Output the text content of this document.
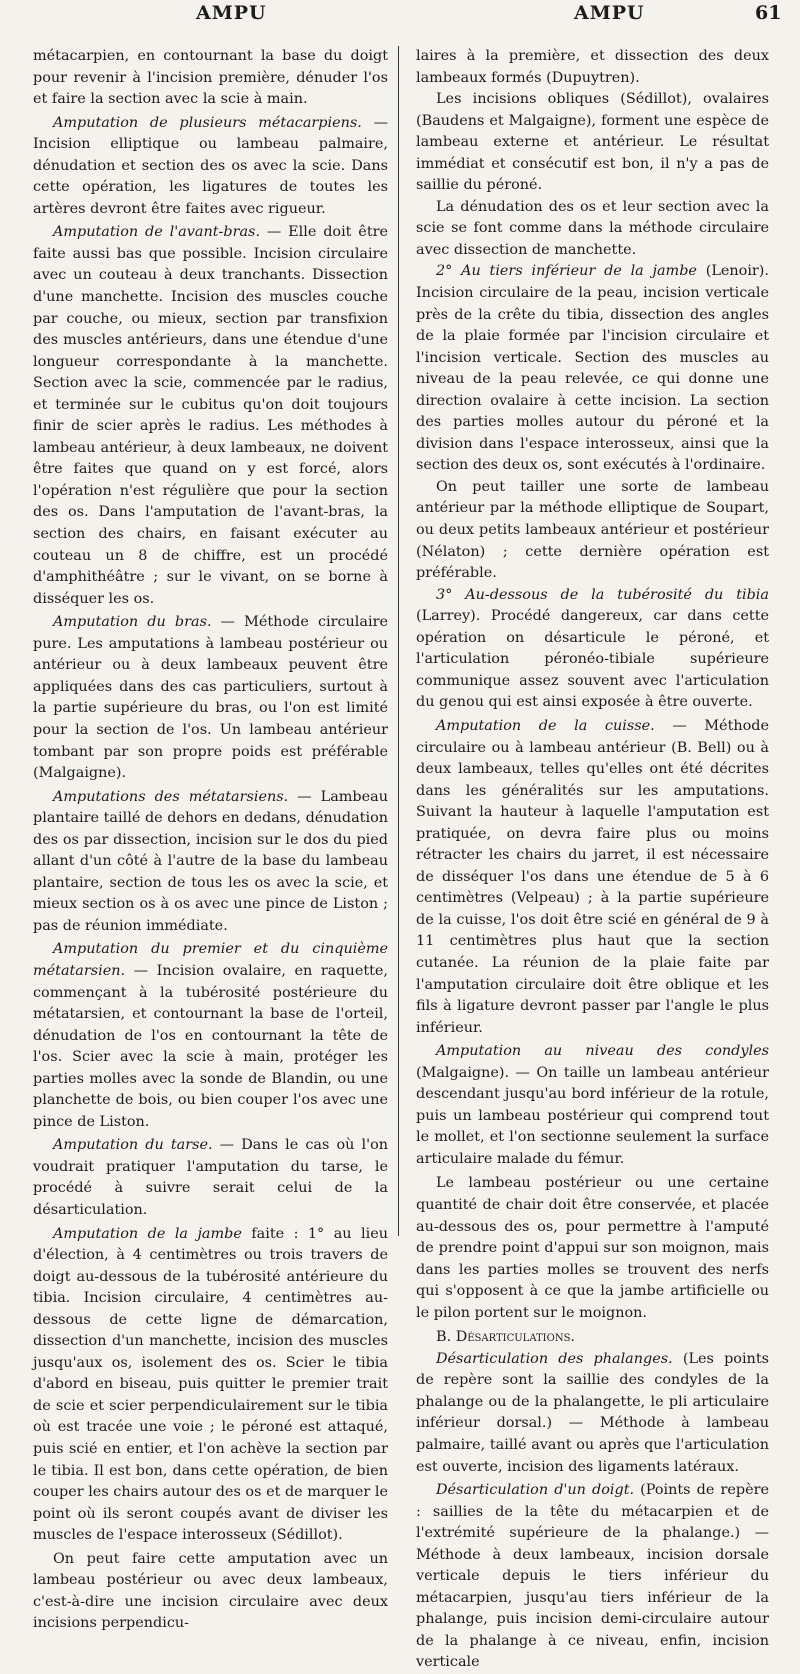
AMPU	AMPU	61

métacarpien, en contournant la base du doigt pour revenir à l'incision première, dénuder l'os et faire la section avec la scie à main.

Amputation de plusieurs métacarpiens. — Incision elliptique ou lambeau palmaire, dénudation et section des os avec la scie. Dans cette opération, les ligatures de toutes les artères devront être faites avec rigueur.

Amputation de l'avant-bras. — Elle doit être faite aussi bas que possible. Incision circulaire avec un couteau à deux tranchants. Dissection d'une manchette. Incision des muscles couche par couche, ou mieux, section par transfixion des muscles antérieurs, dans une étendue d'une longueur correspondante à la manchette. Section avec la scie, commencée par le radius, et terminée sur le cubitus qu'on doit toujours finir de scier après le radius. Les méthodes à lambeau antérieur, à deux lambeaux, ne doivent être faites que quand on y est forcé, alors l'opération n'est régulière que pour la section des os. Dans l'amputation de l'avant-bras, la section des chairs, en faisant exécuter au couteau un 8 de chiffre, est un procédé d'amphithéâtre ; sur le vivant, on se borne à disséquer les os.

Amputation du bras. — Méthode circulaire pure. Les amputations à lambeau postérieur ou antérieur ou à deux lambeaux peuvent être appliquées dans des cas particuliers, surtout à la partie supérieure du bras, ou l'on est limité pour la section de l'os. Un lambeau antérieur tombant par son propre poids est préférable (Malgaigne).

Amputations des métatarsiens. — Lambeau plantaire taillé de dehors en dedans, dénudation des os par dissection, incision sur le dos du pied allant d'un côté à l'autre de la base du lambeau plantaire, section de tous les os avec la scie, et mieux section os à os avec une pince de Liston ; pas de réunion immédiate.

Amputation du premier et du cinquième métatarsien. — Incision ovalaire, en raquette, commençant à la tubérosité postérieure du métatarsien, et contournant la base de l'orteil, dénudation de l'os en contournant la tête de l'os. Scier avec la scie à main, protéger les parties molles avec la sonde de Blandin, ou une planchette de bois, ou bien couper l'os avec une pince de Liston.

Amputation du tarse. — Dans le cas où l'on voudrait pratiquer l'amputation du tarse, le procédé à suivre serait celui de la désarticulation.

Amputation de la jambe faite : 1° au lieu d'élection, à 4 centimètres ou trois travers de doigt au-dessous de la tubérosité antérieure du tibia. Incision circulaire, 4 centimètres au-dessous de cette ligne de démarcation, dissection d'un manchette, incision des muscles jusqu'aux os, isolement des os. Scier le tibia d'abord en biseau, puis quitter le premier trait de scie et scier perpendiculairement sur le tibia où est tracée une voie ; le péroné est attaqué, puis scié en entier, et l'on achève la section par le tibia. Il est bon, dans cette opération, de bien couper les chairs autour des os et de marquer le point où ils seront coupés avant de diviser les muscles de l'espace interosseux (Sédillot).

On peut faire cette amputation avec un lambeau postérieur ou avec deux lambeaux, c'est-à-dire une incision circulaire avec deux incisions perpendicu-

laires à la première, et dissection des deux lambeaux formés (Dupuytren).

Les incisions obliques (Sédillot), ovalaires (Baudens et Malgaigne), forment une espèce de lambeau externe et antérieur. Le résultat immédiat et consécutif est bon, il n'y a pas de saillie du péroné.

La dénudation des os et leur section avec la scie se font comme dans la méthode circulaire avec dissection de manchette.

2° Au tiers inférieur de la jambe (Lenoir). Incision circulaire de la peau, incision verticale près de la crête du tibia, dissection des angles de la plaie formée par l'incision circulaire et l'incision verticale. Section des muscles au niveau de la peau relevée, ce qui donne une direction ovalaire à cette incision. La section des parties molles autour du péroné et la division dans l'espace interosseux, ainsi que la section des deux os, sont exécutés à l'ordinaire.

On peut tailler une sorte de lambeau antérieur par la méthode elliptique de Soupart, ou deux petits lambeaux antérieur et postérieur (Nélaton) ; cette dernière opération est préférable.

3° Au-dessous de la tubérosité du tibia (Larrey). Procédé dangereux, car dans cette opération on désarticule le péroné, et l'articulation péronéo-tibiale supérieure communique assez souvent avec l'articulation du genou qui est ainsi exposée à être ouverte.

Amputation de la cuisse. — Méthode circulaire ou à lambeau antérieur (B. Bell) ou à deux lambeaux, telles qu'elles ont été décrites dans les généralités sur les amputations. Suivant la hauteur à laquelle l'amputation est pratiquée, on devra faire plus ou moins rétracter les chairs du jarret, il est nécessaire de disséquer l'os dans une étendue de 5 à 6 centimètres (Velpeau) ; à la partie supérieure de la cuisse, l'os doit être scié en général de 9 à 11 centimètres plus haut que la section cutanée. La réunion de la plaie faite par l'amputation circulaire doit être oblique et les fils à ligature devront passer par l'angle le plus inférieur.

Amputation au niveau des condyles (Malgaigne). — On taille un lambeau antérieur descendant jusqu'au bord inférieur de la rotule, puis un lambeau postérieur qui comprend tout le mollet, et l'on sectionne seulement la surface articulaire malade du fémur.

Le lambeau postérieur ou une certaine quantité de chair doit être conservée, et placée au-dessous des os, pour permettre à l'amputé de prendre point d'appui sur son moignon, mais dans les parties molles se trouvent des nerfs qui s'opposent à ce que la jambe artificielle ou le pilon portent sur le moignon.

B. Désarticulations.

Désarticulation des phalanges. (Les points de repère sont la saillie des condyles de la phalange ou de la phalangette, le pli articulaire inférieur dorsal.) — Méthode à lambeau palmaire, taillé avant ou après que l'articulation est ouverte, incision des ligaments latéraux.

Désarticulation d'un doigt. (Points de repère : saillies de la tête du métacarpien et de l'extrémité supérieure de la phalange.) — Méthode à deux lambeaux, incision dorsale verticale depuis le tiers inférieur du métacarpien, jusqu'au tiers inférieur de la phalange, puis incision demi-circulaire autour de la phalange à ce niveau, enfin, incision verticale
